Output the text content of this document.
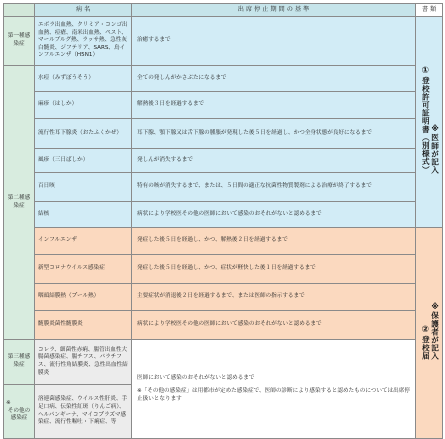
	病 名	出 席 停 止 期 間 の 基 準	書 類
第一種感染症	エボラ出血熱、クリミア・コンゴ出血熱、痘瘡、南米出血熱、ペスト、マールブルグ熱、ラッサ熱、急性灰白髄炎、ジフテリア、SARS、鳥インフルエンザ（H5N1）	治癒するまで	①登校許可証明書（別様式）※医師が記入
第二種感染症	水痘（みずぼうそう）	全ての発しんがかさぶたになるまで	
	麻疹（はしか）	解熱後３日を経過するまで	
	流行性耳下腺炎（おたふくかぜ）	耳下腺、顎下腺又は舌下腺の腫脹が発現した後５日を経過し、かつ全身状態が良好になるまで	
	風疹（三日ばしか）	発しんが消失するまで	
	百日咳	特有の咳が消失するまで、または、５日間の適正な抗菌性物質製剤による治療が終了するまで	
	結核	病状により学校医その他の医師において感染のおそれがないと認めるまで	
	インフルエンザ	発症した後５日を経過し、かつ、解熱後２日を経過するまで	②登校届※保護者が記入
	新型コロナウイルス感染症	発症した後５日を経過し、かつ、症状が軽快した後１日を経過するまで	
	咽頭結膜熱（プール熱）	主要症状が消退後２日を経過するまで、または医師の指示するまで	
	髄膜炎菌性髄膜炎	病状により学校医その他の医師において感染のおそれがないと認めるまで	
第三種感染症	コレラ、細菌性赤痢、腸管出血性大腸菌感染症、腸チフス、パラチフス、流行性角結膜炎、急性出血性結膜炎	医師において感染のおそれがないと認めるまで
※「その他の感染症」は用都市が定めた感染症で、医師の診断により感染すると認めたものについては出席停止扱いとなります	

※
その他の感染症	溶連菌感染症、ウイルス性肝炎、手足口病、伝染性紅斑（りんご病）、ヘルパンギーナ、マイコプラズマ感染症、流行性嘔吐・下痢症、等		
